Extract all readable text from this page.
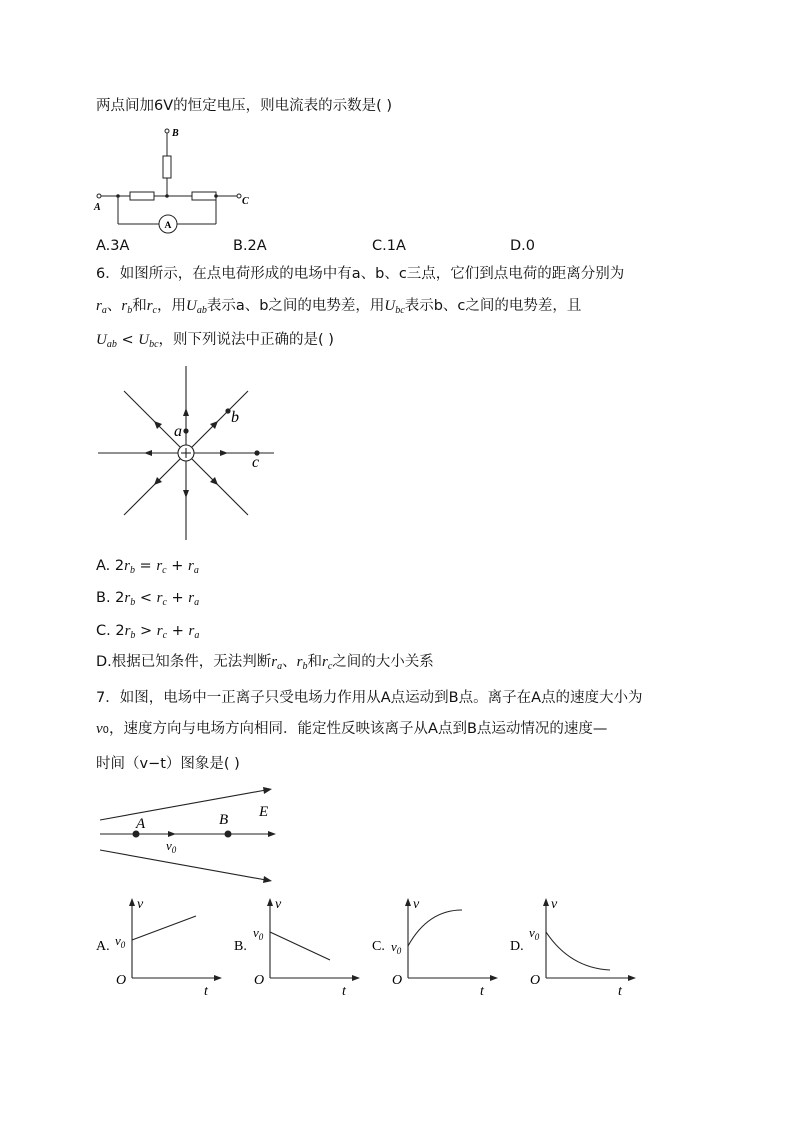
两点间加6V的恒定电压，则电流表的示数是( )
B
A
C
A
A.3A	B.2A	C.1A	D.0
6．如图所示，在点电荷形成的电场中有a、b、c三点，它们到点电荷的距离分别为
$r_a$、$r_b$和$r_c$，用$U_{ab}$表示a、b之间的电势差，用$U_{bc}$表示b、c之间的电势差，且
$U_{ab} < U_{bc}$，则下列说法中正确的是( )
a
b
c
A. $2r_b = r_c + r_a$
B. $2r_b < r_c + r_a$
C. $2r_b > r_c + r_a$
D.根据已知条件，无法判断$r_a$、$r_b$和$r_c$之间的大小关系
7．如图，电场中一正离子只受电场力作用从A点运动到B点。离子在A点的速度大小为
v0，速度方向与电场方向相同．能定性反映该离子从A点到B点运动情况的速度—
时间（v−t）图象是( )
A	B E
$v_0$
A.
v
t
O
$v_0$	B.
v
t
O
$v_0$
C.
v
t
O
$v_0$	D.
v
t
O
$v_0$
